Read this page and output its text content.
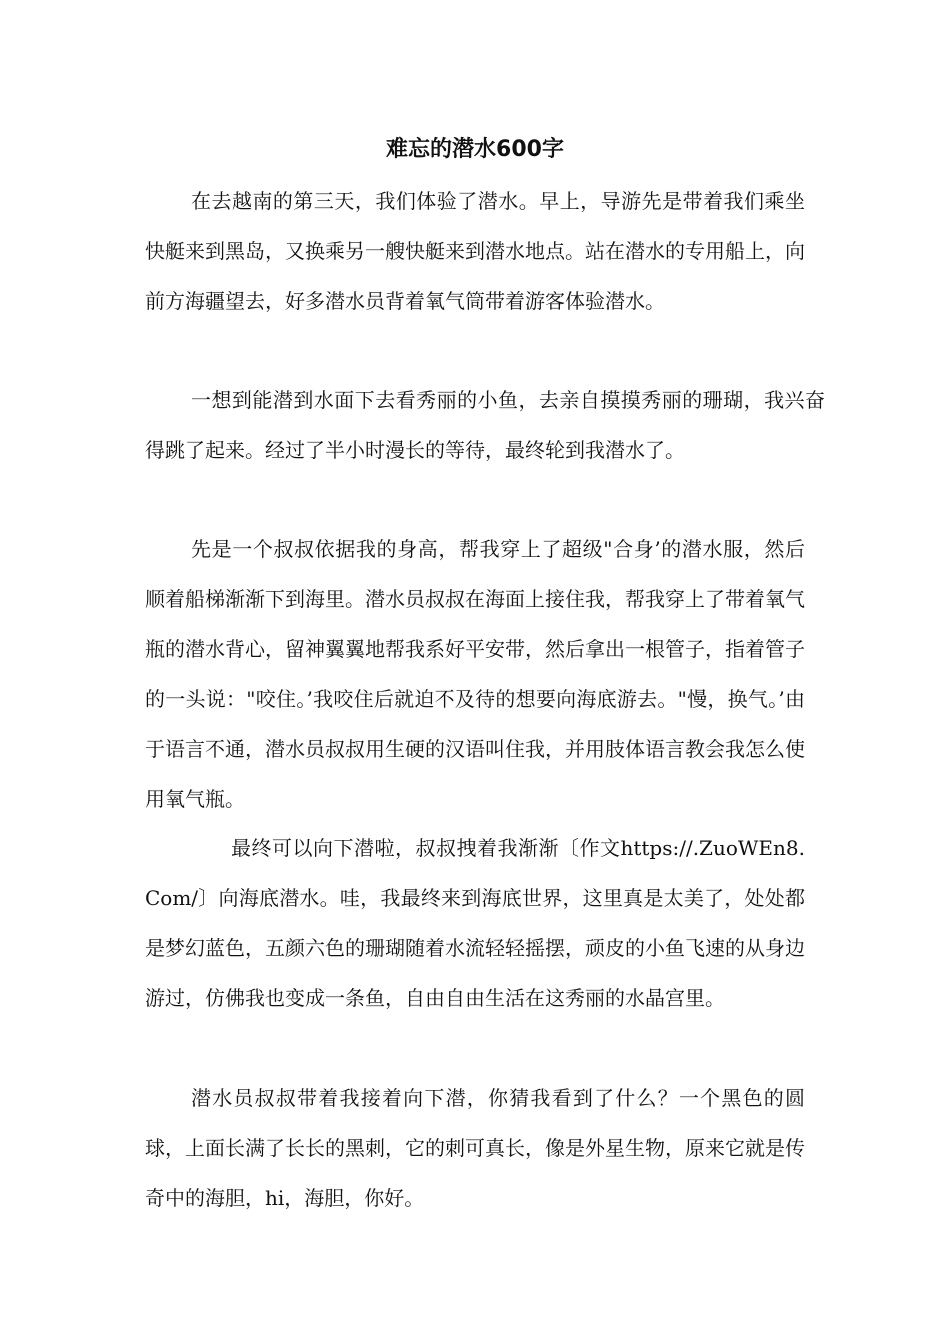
难忘的潜水600字

在去越南的第三天，我们体验了潜水。早上，导游先是带着我们乘坐快艇来到黑岛，又换乘另一艘快艇来到潜水地点。站在潜水的专用船上，向前方海疆望去，好多潜水员背着氧气筒带着游客体验潜水。

一想到能潜到水面下去看秀丽的小鱼，去亲自摸摸秀丽的珊瑚，我兴奋得跳了起来。经过了半小时漫长的等待，最终轮到我潜水了。

先是一个叔叔依据我的身高，帮我穿上了超级"合身’的潜水服，然后顺着船梯渐渐下到海里。潜水员叔叔在海面上接住我，帮我穿上了带着氧气瓶的潜水背心，留神翼翼地帮我系好平安带，然后拿出一根管子，指着管子的一头说："咬住。’我咬住后就迫不及待的想要向海底游去。"慢，换气。’由于语言不通，潜水员叔叔用生硬的汉语叫住我，并用肢体语言教会我怎么使用氧气瓶。

最终可以向下潜啦，叔叔拽着我渐渐〔作文https://.ZuoWEn8.Com/〕向海底潜水。哇，我最终来到海底世界，这里真是太美了，处处都是梦幻蓝色，五颜六色的珊瑚随着水流轻轻摇摆，顽皮的小鱼飞速的从身边游过，仿佛我也变成一条鱼，自由自由生活在这秀丽的水晶宫里。

潜水员叔叔带着我接着向下潜，你猜我看到了什么？一个黑色的圆球，上面长满了长长的黑刺，它的刺可真长，像是外星生物，原来它就是传奇中的海胆，hi，海胆，你好。
